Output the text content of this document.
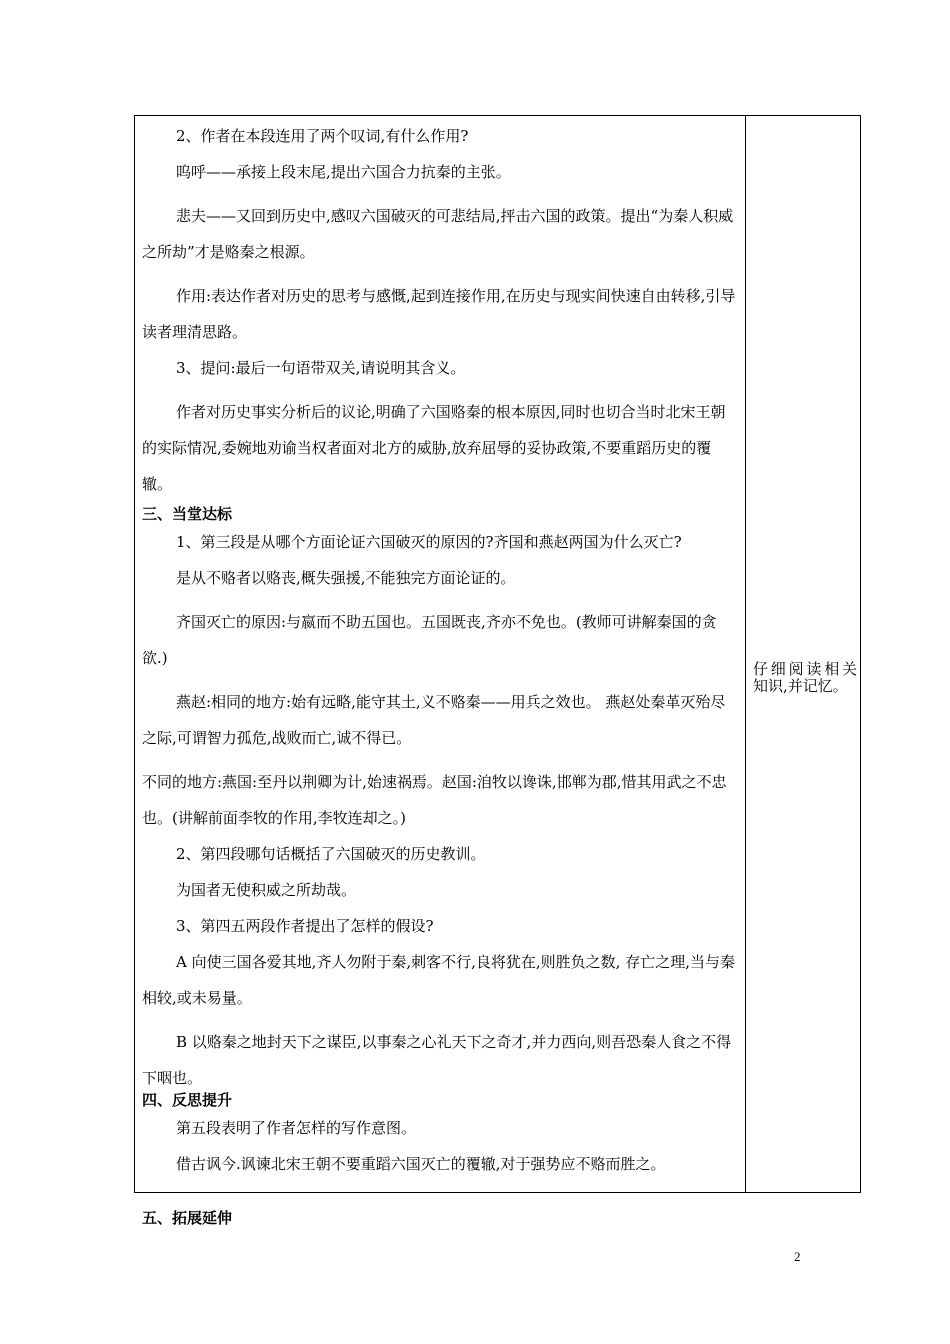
2、作者在本段连用了两个叹词,有什么作用?

呜呼——承接上段末尾,提出六国合力抗秦的主张。

悲夫——又回到历史中,感叹六国破灭的可悲结局,抨击六国的政策。提出“为秦人积威之所劫”才是赂秦之根源。

作用:表达作者对历史的思考与感慨,起到连接作用,在历史与现实间快速自由转移,引导读者理清思路。

3、提问:最后一句语带双关,请说明其含义。

作者对历史事实分析后的议论,明确了六国赂秦的根本原因,同时也切合当时北宋王朝的实际情况,委婉地劝谕当权者面对北方的威胁,放弃屈辱的妥协政策,不要重蹈历史的覆辙。

三、当堂达标

1、第三段是从哪个方面论证六国破灭的原因的?齐国和燕赵两国为什么灭亡?

是从不赂者以赂丧,概失强援,不能独完方面论证的。

齐国灭亡的原因:与嬴而不助五国也。五国既丧,齐亦不免也。(教师可讲解秦国的贪欲.)

燕赵:相同的地方:始有远略,能守其土,义不赂秦——用兵之效也。 燕赵处秦革灭殆尽之际,可谓智力孤危,战败而亡,诚不得已。

不同的地方:燕国:至丹以荆卿为计,始速祸焉。赵国:洎牧以谗诛,邯郸为郡,惜其用武之不忠也。(讲解前面李牧的作用,李牧连却之。)

2、第四段哪句话概括了六国破灭的历史教训。

为国者无使积威之所劫哉。

3、第四五两段作者提出了怎样的假设?

A 向使三国各爱其地,齐人勿附于秦,刺客不行,良将犹在,则胜负之数, 存亡之理,当与秦相较,或未易量。

B 以赂秦之地封天下之谋臣,以事秦之心礼天下之奇才,并力西向,则吾恐秦人食之不得下咽也。

四、反思提升

第五段表明了作者怎样的写作意图。

借古讽今.讽谏北宋王朝不要重蹈六国灭亡的覆辙,对于强势应不赂而胜之。

五、拓展延伸

仔细阅读相关知识,并记忆。
2
